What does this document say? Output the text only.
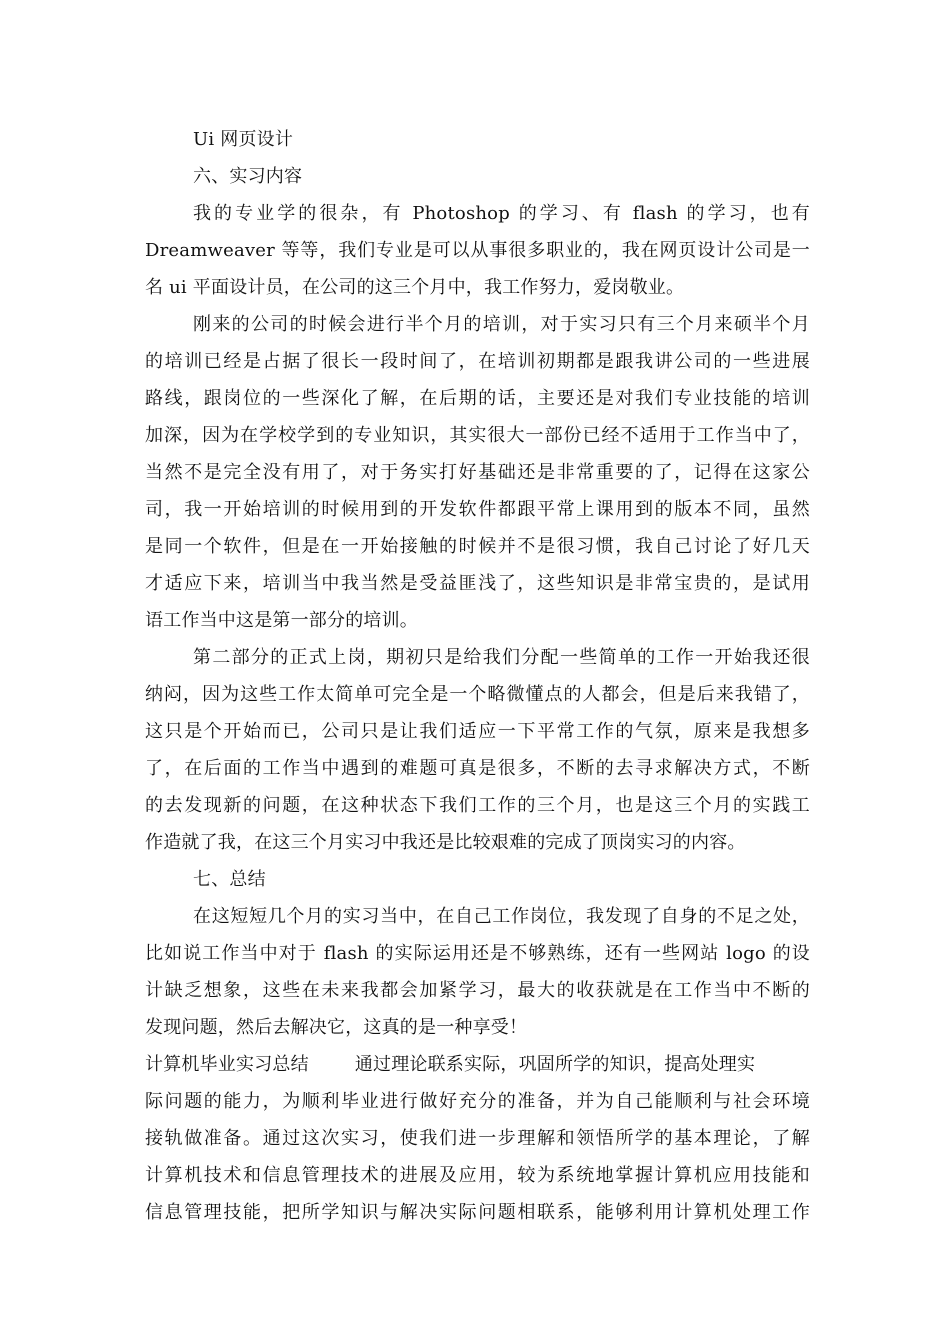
Ui 网页设计
六、实习内容
我的专业学的很杂，有 Photoshop 的学习、有 flash 的学习，也有
Dreamweaver 等等，我们专业是可以从事很多职业的，我在网页设计公司是一
名 ui 平面设计员，在公司的这三个月中，我工作努力，爱岗敬业。
刚来的公司的时候会进行半个月的培训，对于实习只有三个月来硕半个月
的培训已经是占据了很长一段时间了，在培训初期都是跟我讲公司的一些进展
路线，跟岗位的一些深化了解，在后期的话，主要还是对我们专业技能的培训
加深，因为在学校学到的专业知识，其实很大一部份已经不适用于工作当中了，
当然不是完全没有用了，对于务实打好基础还是非常重要的了，记得在这家公
司，我一开始培训的时候用到的开发软件都跟平常上课用到的版本不同，虽然
是同一个软件，但是在一开始接触的时候并不是很习惯，我自己讨论了好几天
才适应下来，培训当中我当然是受益匪浅了，这些知识是非常宝贵的，是试用
语工作当中这是第一部分的培训。
第二部分的正式上岗，期初只是给我们分配一些简单的工作一开始我还很
纳闷，因为这些工作太简单可完全是一个略微懂点的人都会，但是后来我错了，
这只是个开始而已，公司只是让我们适应一下平常工作的气氛，原来是我想多
了，在后面的工作当中遇到的难题可真是很多，不断的去寻求解决方式，不断
的去发现新的问题，在这种状态下我们工作的三个月，也是这三个月的实践工
作造就了我，在这三个月实习中我还是比较艰难的完成了顶岗实习的内容。
七、总结
在这短短几个月的实习当中，在自己工作岗位，我发现了自身的不足之处，
比如说工作当中对于 flash 的实际运用还是不够熟练，还有一些网站 logo 的设
计缺乏想象，这些在未来我都会加紧学习，最大的收获就是在工作当中不断的
发现问题，然后去解决它，这真的是一种享受！
计算机毕业实习总结	通过理论联系实际，巩固所学的知识，提高处理实
际问题的能力，为顺利毕业进行做好充分的准备，并为自己能顺利与社会环境
接轨做准备。通过这次实习，使我们进一步理解和领悟所学的基本理论，了解
计算机技术和信息管理技术的进展及应用，较为系统地掌握计算机应用技能和
信息管理技能，把所学知识与解决实际问题相联系，能够利用计算机处理工作
